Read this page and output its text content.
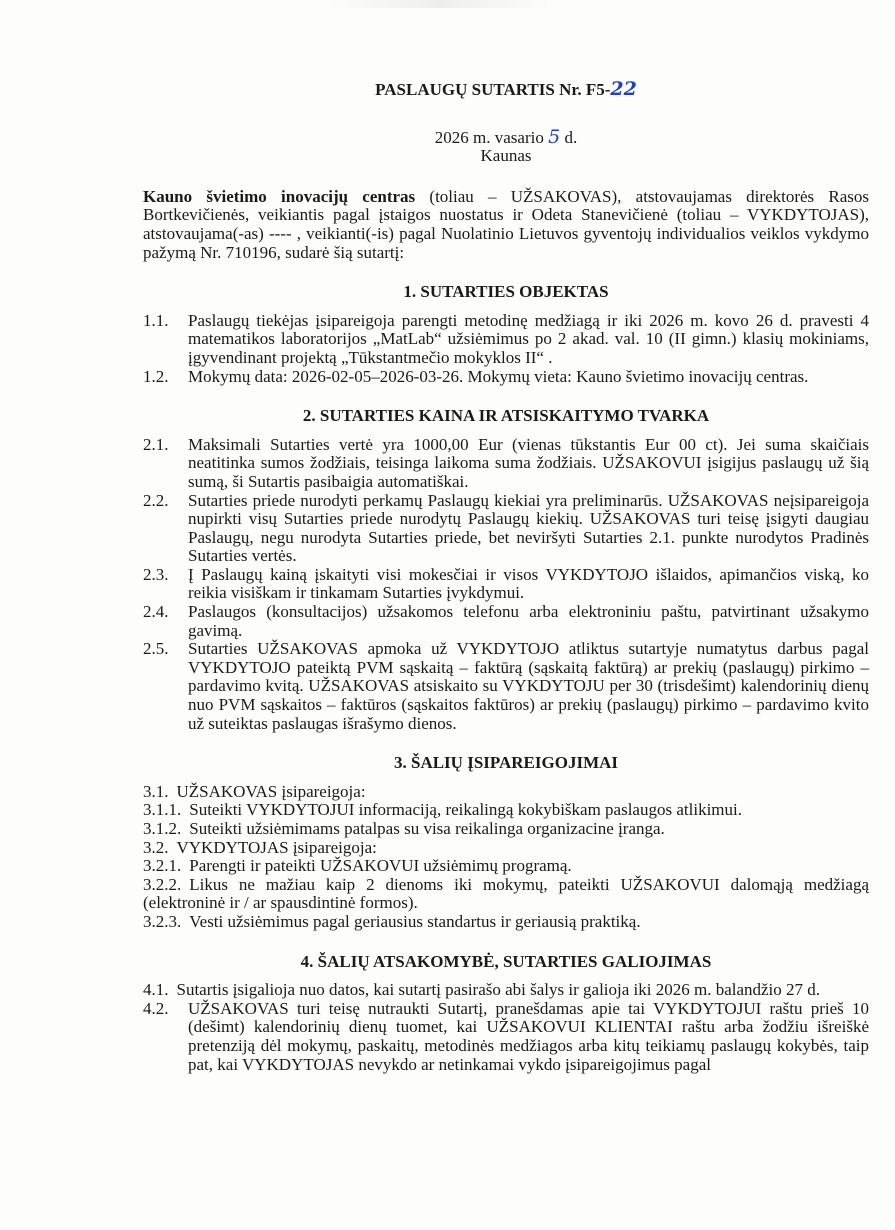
PASLAUGŲ SUTARTIS Nr. F5-22
2026 m. vasario 5 d.
Kaunas
Kauno švietimo inovacijų centras (toliau – UŽSAKOVAS), atstovaujamas direktorės Rasos Bortkevičienės, veikiantis pagal įstaigos nuostatus ir Odeta Stanevičienė (toliau – VYKDYTOJAS), atstovaujama(-as) ---- , veikianti(-is) pagal Nuolatinio Lietuvos gyventojų individualios veiklos vykdymo pažymą Nr. 710196, sudarė šią sutartį:
1. SUTARTIES OBJEKTAS
1.1.	Paslaugų tiekėjas įsipareigoja parengti metodinę medžiagą ir iki 2026 m. kovo 26 d. pravesti 4 matematikos laboratorijos „MatLab“ užsiėmimus po 2 akad. val. 10 (II gimn.) klasių mokiniams, įgyvendinant projektą „Tūkstantmečio mokyklos II“ .
1.2.	Mokymų data: 2026-02-05–2026-03-26. Mokymų vieta: Kauno švietimo inovacijų centras.
2. SUTARTIES KAINA IR ATSISKAITYMO TVARKA
2.1.	Maksimali Sutarties vertė yra 1000,00 Eur (vienas tūkstantis Eur 00 ct). Jei suma skaičiais neatitinka sumos žodžiais, teisinga laikoma suma žodžiais. UŽSAKOVUI įsigijus paslaugų už šią sumą, ši Sutartis pasibaigia automatiškai.
2.2.	Sutarties priede nurodyti perkamų Paslaugų kiekiai yra preliminarūs. UŽSAKOVAS neįsipareigoja nupirkti visų Sutarties priede nurodytų Paslaugų kiekių. UŽSAKOVAS turi teisę įsigyti daugiau Paslaugų, negu nurodyta Sutarties priede, bet neviršyti Sutarties 2.1. punkte nurodytos Pradinės Sutarties vertės.
2.3.	Į Paslaugų kainą įskaityti visi mokesčiai ir visos VYKDYTOJO išlaidos, apimančios viską, ko reikia visiškam ir tinkamam Sutarties įvykdymui.
2.4.	Paslaugos (konsultacijos) užsakomos telefonu arba elektroniniu paštu, patvirtinant užsakymo gavimą.
2.5.	Sutarties UŽSAKOVAS apmoka už VYKDYTOJO atliktus sutartyje numatytus darbus pagal VYKDYTOJO pateiktą PVM sąskaitą – faktūrą (sąskaitą faktūrą) ar prekių (paslaugų) pirkimo – pardavimo kvitą. UŽSAKOVAS atsiskaito su VYKDYTOJU per 30 (trisdešimt) kalendorinių dienų nuo PVM sąskaitos – faktūros (sąskaitos faktūros) ar prekių (paslaugų) pirkimo – pardavimo kvito už suteiktas paslaugas išrašymo dienos.
3. ŠALIŲ ĮSIPAREIGOJIMAI
3.1. UŽSAKOVAS įsipareigoja:
3.1.1. Suteikti VYKDYTOJUI informaciją, reikalingą kokybiškam paslaugos atlikimui.
3.1.2. Suteikti užsiėmimams patalpas su visa reikalinga organizacine įranga.
3.2. VYKDYTOJAS įsipareigoja:
3.2.1. Parengti ir pateikti UŽSAKOVUI užsiėmimų programą.
3.2.2. Likus ne mažiau kaip 2 dienoms iki mokymų, pateikti UŽSAKOVUI dalomąją medžiagą (elektroninė ir / ar spausdintinė formos).
3.2.3. Vesti užsiėmimus pagal geriausius standartus ir geriausią praktiką.
4. ŠALIŲ ATSAKOMYBĖ, SUTARTIES GALIOJIMAS
4.1. Sutartis įsigalioja nuo datos, kai sutartį pasirašo abi šalys ir galioja iki 2026 m. balandžio 27 d.
4.2.	UŽSAKOVAS turi teisę nutraukti Sutartį, pranešdamas apie tai VYKDYTOJUI raštu prieš 10 (dešimt) kalendorinių dienų tuomet, kai UŽSAKOVUI KLIENTAI raštu arba žodžiu išreiškė pretenziją dėl mokymų, paskaitų, metodinės medžiagos arba kitų teikiamų paslaugų kokybės, taip pat, kai VYKDYTOJAS nevykdo ar netinkamai vykdo įsipareigojimus pagal
